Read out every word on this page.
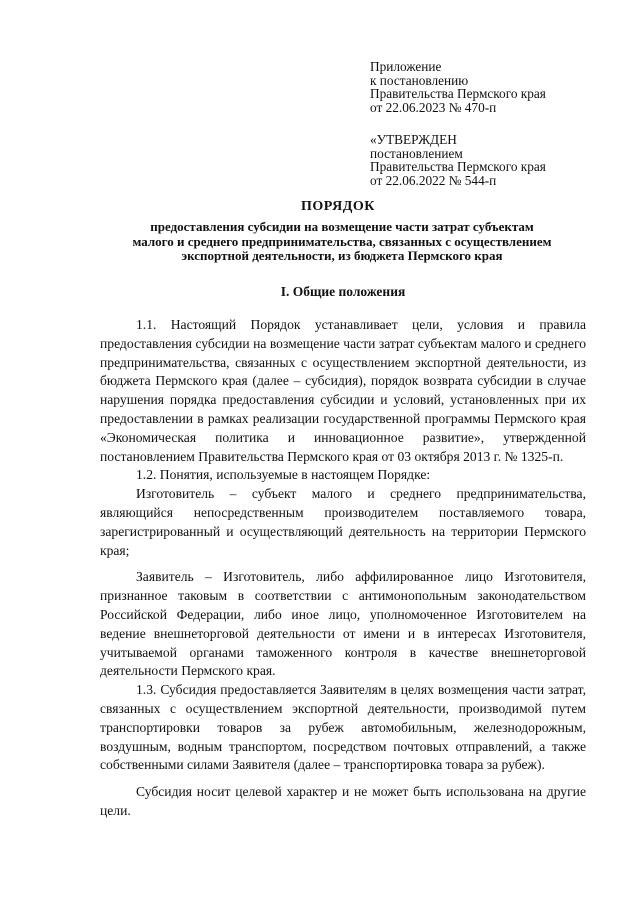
Приложение
к постановлению
Правительства Пермского края
от 22.06.2023 № 470-п
«УТВЕРЖДЕН
постановлением
Правительства Пермского края
от 22.06.2022 № 544-п
ПОРЯДОК
предоставления субсидии на возмещение части затрат субъектам
малого и среднего предпринимательства, связанных с осуществлением
экспортной деятельности, из бюджета Пермского края
I. Общие положения

1.1. Настоящий Порядок устанавливает цели, условия и правила предоставления субсидии на возмещение части затрат субъектам малого и среднего предпринимательства, связанных с осуществлением экспортной деятельности, из бюджета Пермского края (далее – субсидия), порядок возврата субсидии в случае нарушения порядка предоставления субсидии и условий, установленных при их предоставлении в рамках реализации государственной программы Пермского края «Экономическая политика и инновационное развитие», утвержденной постановлением Правительства Пермского края от 03 октября 2013 г. № 1325-п.

1.2. Понятия, используемые в настоящем Порядке:

Изготовитель – субъект малого и среднего предпринимательства, являющийся непосредственным производителем поставляемого товара, зарегистрированный и осуществляющий деятельность на территории Пермского края;

Заявитель – Изготовитель, либо аффилированное лицо Изготовителя, признанное таковым в соответствии с антимонопольным законодательством Российской Федерации, либо иное лицо, уполномоченное Изготовителем на ведение внешнеторговой деятельности от имени и в интересах Изготовителя, учитываемой органами таможенного контроля в качестве внешнеторговой деятельности Пермского края.

1.3. Субсидия предоставляется Заявителям в целях возмещения части затрат, связанных с осуществлением экспортной деятельности, производимой путем транспортировки товаров за рубеж автомобильным, железнодорожным, воздушным, водным транспортом, посредством почтовых отправлений, а также собственными силами Заявителя (далее – транспортировка товара за рубеж).

Субсидия носит целевой характер и не может быть использована на другие цели.
